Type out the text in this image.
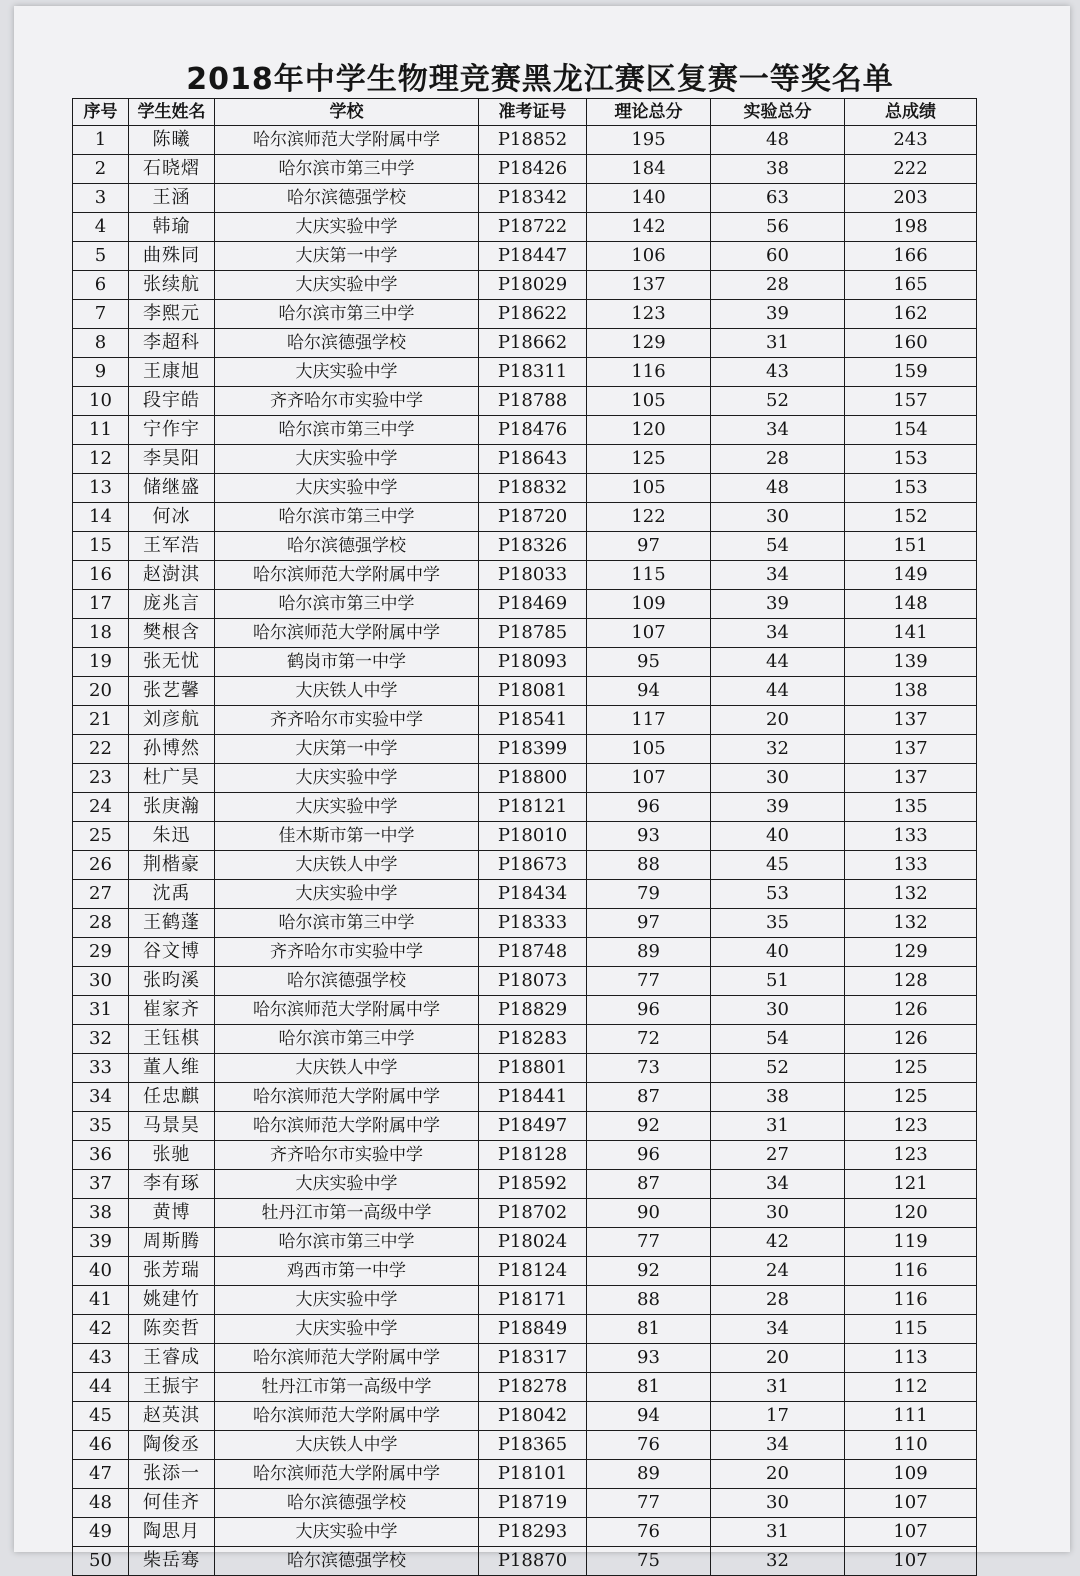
2018年中学生物理竞赛黑龙江赛区复赛一等奖名单
序号	学生姓名	学校	准考证号	理论总分	实验总分	总成绩
1	陈曦	哈尔滨师范大学附属中学	P18852	195	48	243
2	石晓熠	哈尔滨市第三中学	P18426	184	38	222
3	王涵	哈尔滨德强学校	P18342	140	63	203
4	韩瑜	大庆实验中学	P18722	142	56	198
5	曲殊同	大庆第一中学	P18447	106	60	166
6	张续航	大庆实验中学	P18029	137	28	165
7	李熙元	哈尔滨市第三中学	P18622	123	39	162
8	李超科	哈尔滨德强学校	P18662	129	31	160
9	王康旭	大庆实验中学	P18311	116	43	159
10	段宇皓	齐齐哈尔市实验中学	P18788	105	52	157
11	宁作宇	哈尔滨市第三中学	P18476	120	34	154
12	李昊阳	大庆实验中学	P18643	125	28	153
13	储继盛	大庆实验中学	P18832	105	48	153
14	何冰	哈尔滨市第三中学	P18720	122	30	152
15	王军浩	哈尔滨德强学校	P18326	97	54	151
16	赵澍淇	哈尔滨师范大学附属中学	P18033	115	34	149
17	庞兆言	哈尔滨市第三中学	P18469	109	39	148
18	樊根含	哈尔滨师范大学附属中学	P18785	107	34	141
19	张无忧	鹤岗市第一中学	P18093	95	44	139
20	张艺馨	大庆铁人中学	P18081	94	44	138
21	刘彦航	齐齐哈尔市实验中学	P18541	117	20	137
22	孙博然	大庆第一中学	P18399	105	32	137
23	杜广昊	大庆实验中学	P18800	107	30	137
24	张庚瀚	大庆实验中学	P18121	96	39	135
25	朱迅	佳木斯市第一中学	P18010	93	40	133
26	荆楷豪	大庆铁人中学	P18673	88	45	133
27	沈禹	大庆实验中学	P18434	79	53	132
28	王鹤蓬	哈尔滨市第三中学	P18333	97	35	132
29	谷文博	齐齐哈尔市实验中学	P18748	89	40	129
30	张昀溪	哈尔滨德强学校	P18073	77	51	128
31	崔家齐	哈尔滨师范大学附属中学	P18829	96	30	126
32	王钰棋	哈尔滨市第三中学	P18283	72	54	126
33	董人维	大庆铁人中学	P18801	73	52	125
34	任忠麒	哈尔滨师范大学附属中学	P18441	87	38	125
35	马景昊	哈尔滨师范大学附属中学	P18497	92	31	123
36	张驰	齐齐哈尔市实验中学	P18128	96	27	123
37	李有琢	大庆实验中学	P18592	87	34	121
38	黄博	牡丹江市第一高级中学	P18702	90	30	120
39	周斯腾	哈尔滨市第三中学	P18024	77	42	119
40	张芳瑞	鸡西市第一中学	P18124	92	24	116
41	姚建竹	大庆实验中学	P18171	88	28	116
42	陈奕哲	大庆实验中学	P18849	81	34	115
43	王睿成	哈尔滨师范大学附属中学	P18317	93	20	113
44	王振宇	牡丹江市第一高级中学	P18278	81	31	112
45	赵英淇	哈尔滨师范大学附属中学	P18042	94	17	111
46	陶俊丞	大庆铁人中学	P18365	76	34	110
47	张添一	哈尔滨师范大学附属中学	P18101	89	20	109
48	何佳齐	哈尔滨德强学校	P18719	77	30	107
49	陶思月	大庆实验中学	P18293	76	31	107
50	柴岳骞	哈尔滨德强学校	P18870	75	32	107
